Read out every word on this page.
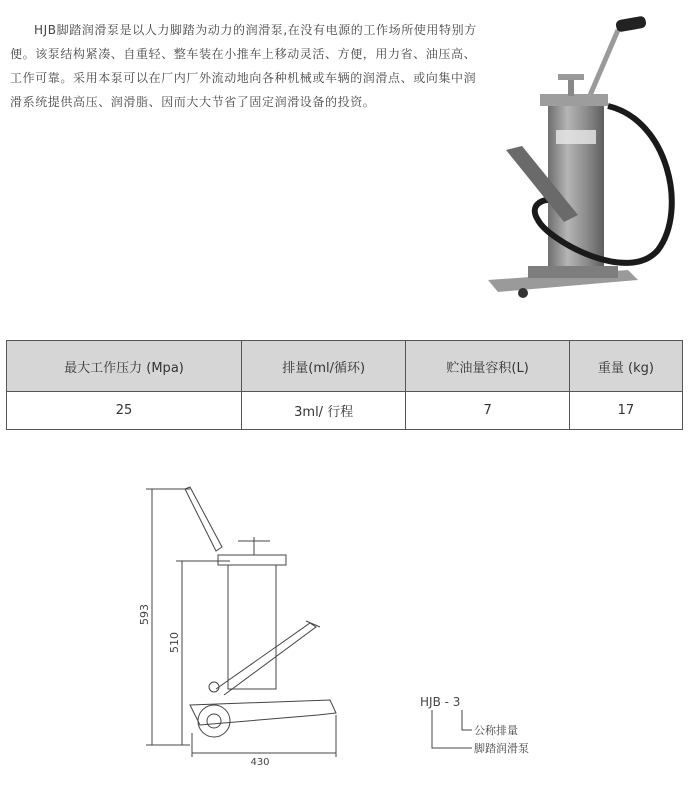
HJB脚踏润滑泵是以人力脚踏为动力的润滑泵,在没有电源的工作场所使用特别方便。该泵结构紧凑、自重轻、整车装在小推车上移动灵活、方便，用力省、油压高、工作可靠。采用本泵可以在厂内厂外流动地向各种机械或车辆的润滑点、或向集中润滑系统提供高压、润滑脂、因而大大节省了固定润滑设备的投资。

最大工作压力 (Mpa)	排量(ml/循环)	贮油量容积(L)	重量 (kg)
25	3ml/ 行程	7	17
593
510
430
HJB - 3
公称排量
脚踏润滑泵
